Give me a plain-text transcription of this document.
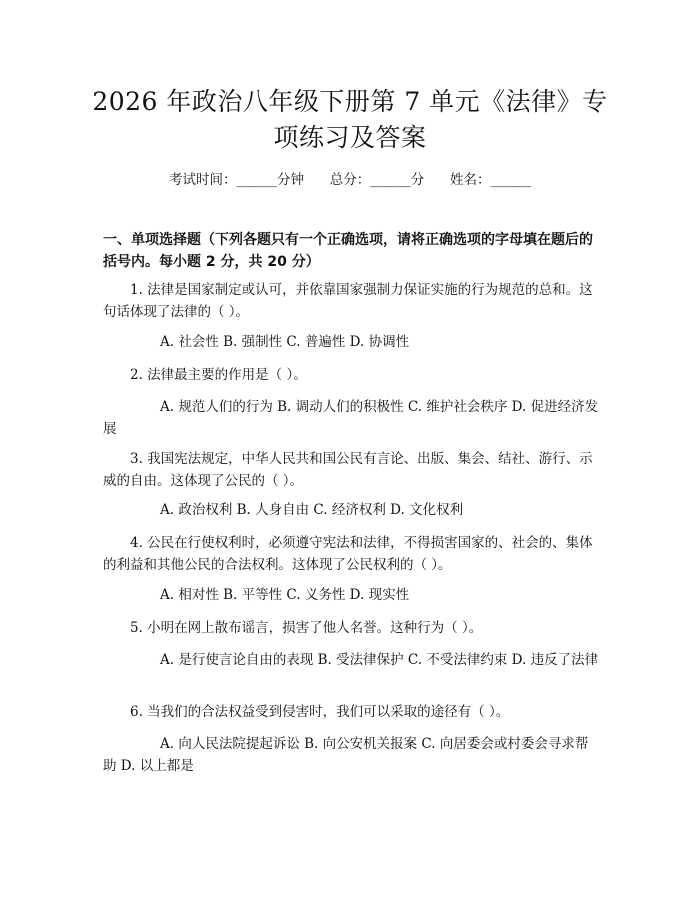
2026 年政治八年级下册第 7 单元《法律》专
项练习及答案
考试时间：______分钟      总分：______分      姓名：______
一、单项选择题（下列各题只有一个正确选项，请将正确选项的字母填在题后的括号内。每小题 2 分，共 20 分）
1. 法律是国家制定或认可，并依靠国家强制力保证实施的行为规范的总和。这句话体现了法律的（ ）。
A. 社会性 B. 强制性 C. 普遍性 D. 协调性
2. 法律最主要的作用是（ ）。
A. 规范人们的行为 B. 调动人们的积极性 C. 维护社会秩序 D. 促进经济发展
3. 我国宪法规定，中华人民共和国公民有言论、出版、集会、结社、游行、示威的自由。这体现了公民的（ ）。
A. 政治权利 B. 人身自由 C. 经济权利 D. 文化权利
4. 公民在行使权利时，必须遵守宪法和法律，不得损害国家的、社会的、集体的利益和其他公民的合法权利。这体现了公民权利的（ ）。
A. 相对性 B. 平等性 C. 义务性 D. 现实性
5. 小明在网上散布谣言，损害了他人名誉。这种行为（ ）。
A. 是行使言论自由的表现 B. 受法律保护 C. 不受法律约束 D. 违反了法律
6. 当我们的合法权益受到侵害时，我们可以采取的途径有（ ）。
A. 向人民法院提起诉讼 B. 向公安机关报案 C. 向居委会或村委会寻求帮助 D. 以上都是
